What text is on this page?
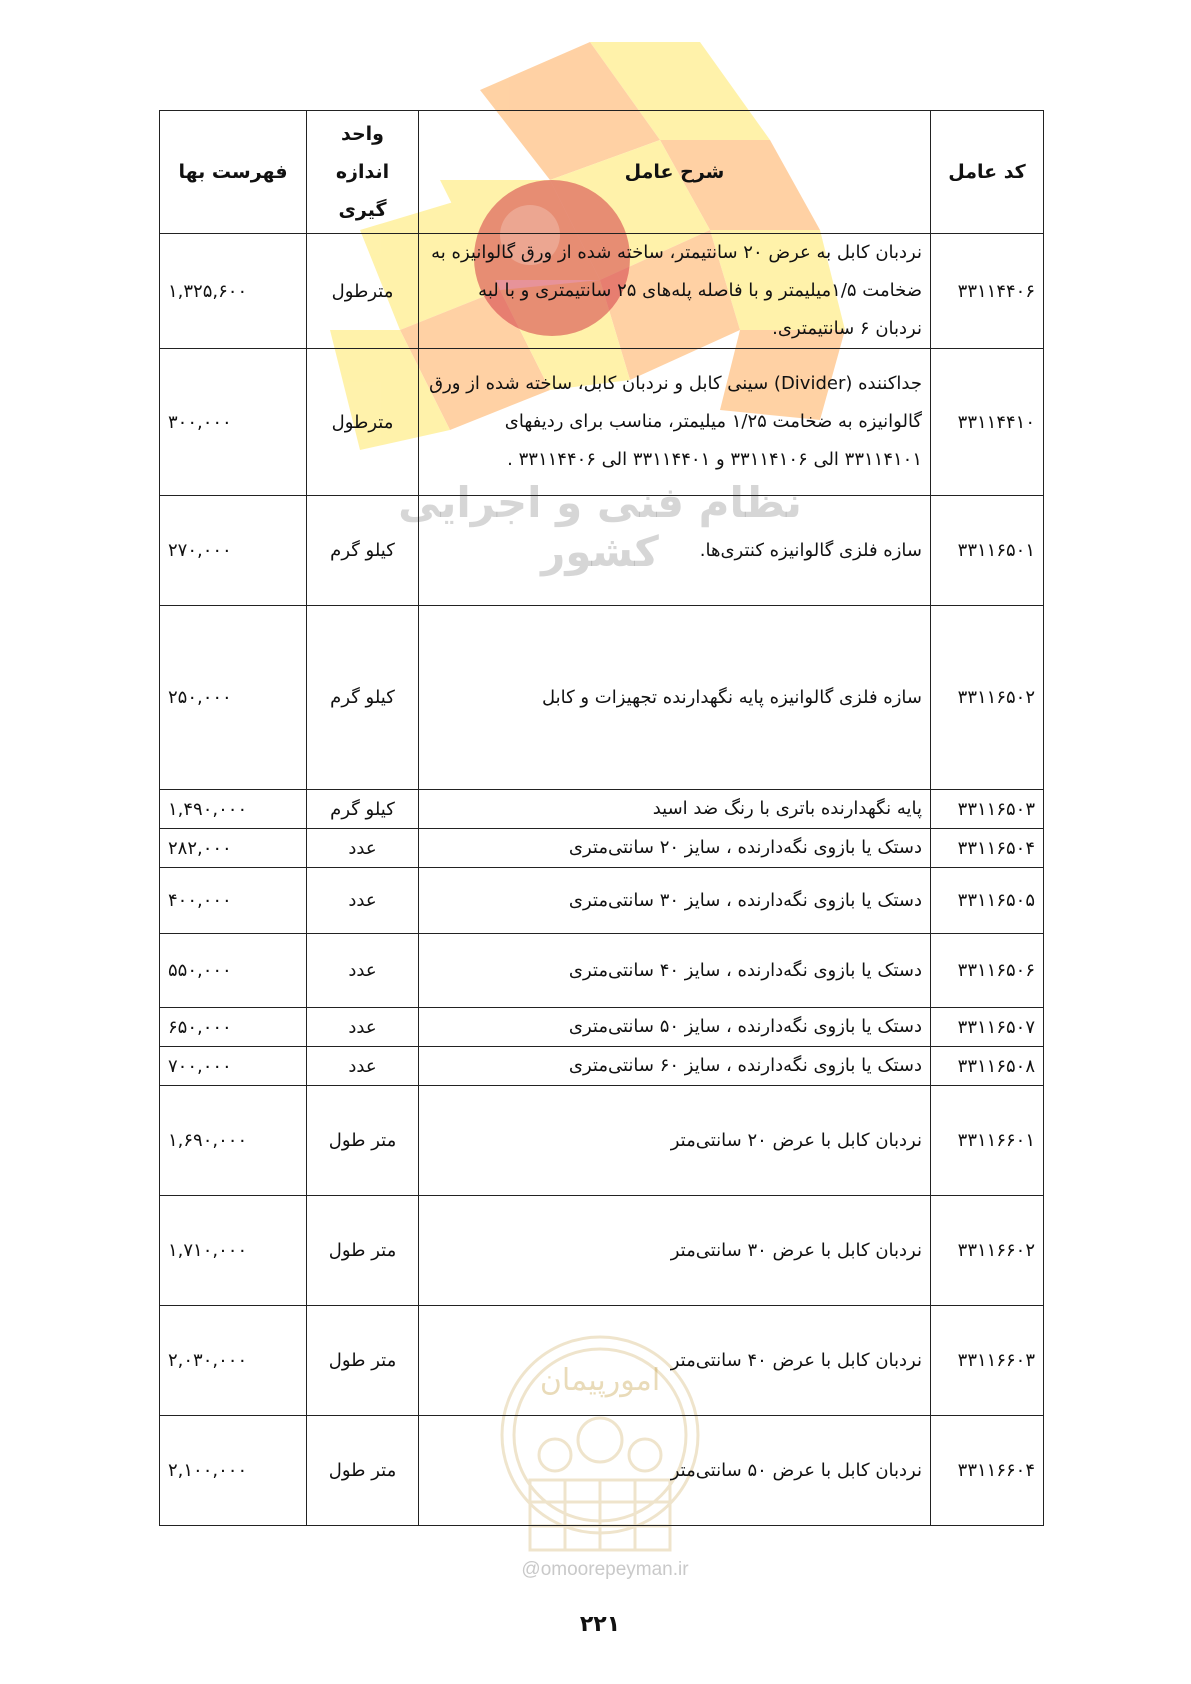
نظام فنی و اجرایی کشور
امورپیمان
@omoorepeyman.ir
کد عامل	شرح عامل	واحد اندازه گیری	فهرست بها
۳۳۱۱۴۴۰۶	نردبان کابل به عرض ۲۰ سانتیمتر، ساخته شده از ورق گالوانیزه به ضخامت ۱/۵میلیمتر و با فاصله پله‌های ۲۵ سانتیمتری و با لبه نردبان ۶ سانتیمتری.	مترطول	۱,۳۲۵,۶۰۰
۳۳۱۱۴۴۱۰	جداکننده (Divider) سینی کابل و نردبان کابل، ساخته شده از ورق گالوانیزه به ضخامت ۱/۲۵ میلیمتر، مناسب برای ردیفهای ۳۳۱۱۴۱۰۱ الی ۳۳۱۱۴۱۰۶ و ۳۳۱۱۴۴۰۱ الی ۳۳۱۱۴۴۰۶ .	مترطول	۳۰۰,۰۰۰
۳۳۱۱۶۵۰۱	سازه فلزی گالوانیزه کنتری‌ها.	کیلو گرم	۲۷۰,۰۰۰
۳۳۱۱۶۵۰۲	سازه فلزی گالوانیزه پایه نگهدارنده تجهیزات و کابل	کیلو گرم	۲۵۰,۰۰۰
۳۳۱۱۶۵۰۳	پایه نگهدارنده باتری با رنگ ضد اسید	کیلو گرم	۱,۴۹۰,۰۰۰
۳۳۱۱۶۵۰۴	دستک یا بازوی نگه‌دارنده ، سایز ۲۰ سانتی‌متری	عدد	۲۸۲,۰۰۰
۳۳۱۱۶۵۰۵	دستک یا بازوی نگه‌دارنده ، سایز ۳۰ سانتی‌متری	عدد	۴۰۰,۰۰۰
۳۳۱۱۶۵۰۶	دستک یا بازوی نگه‌دارنده ، سایز ۴۰ سانتی‌متری	عدد	۵۵۰,۰۰۰
۳۳۱۱۶۵۰۷	دستک یا بازوی نگه‌دارنده ، سایز ۵۰ سانتی‌متری	عدد	۶۵۰,۰۰۰
۳۳۱۱۶۵۰۸	دستک یا بازوی نگه‌دارنده ، سایز ۶۰ سانتی‌متری	عدد	۷۰۰,۰۰۰
۳۳۱۱۶۶۰۱	نردبان کابل با عرض ۲۰ سانتی‌متر	متر طول	۱,۶۹۰,۰۰۰
۳۳۱۱۶۶۰۲	نردبان کابل با عرض ۳۰ سانتی‌متر	متر طول	۱,۷۱۰,۰۰۰
۳۳۱۱۶۶۰۳	نردبان کابل با عرض ۴۰ سانتی‌متر	متر طول	۲,۰۳۰,۰۰۰
۳۳۱۱۶۶۰۴	نردبان کابل با عرض ۵۰ سانتی‌متر	متر طول	۲,۱۰۰,۰۰۰
۲۲۱
